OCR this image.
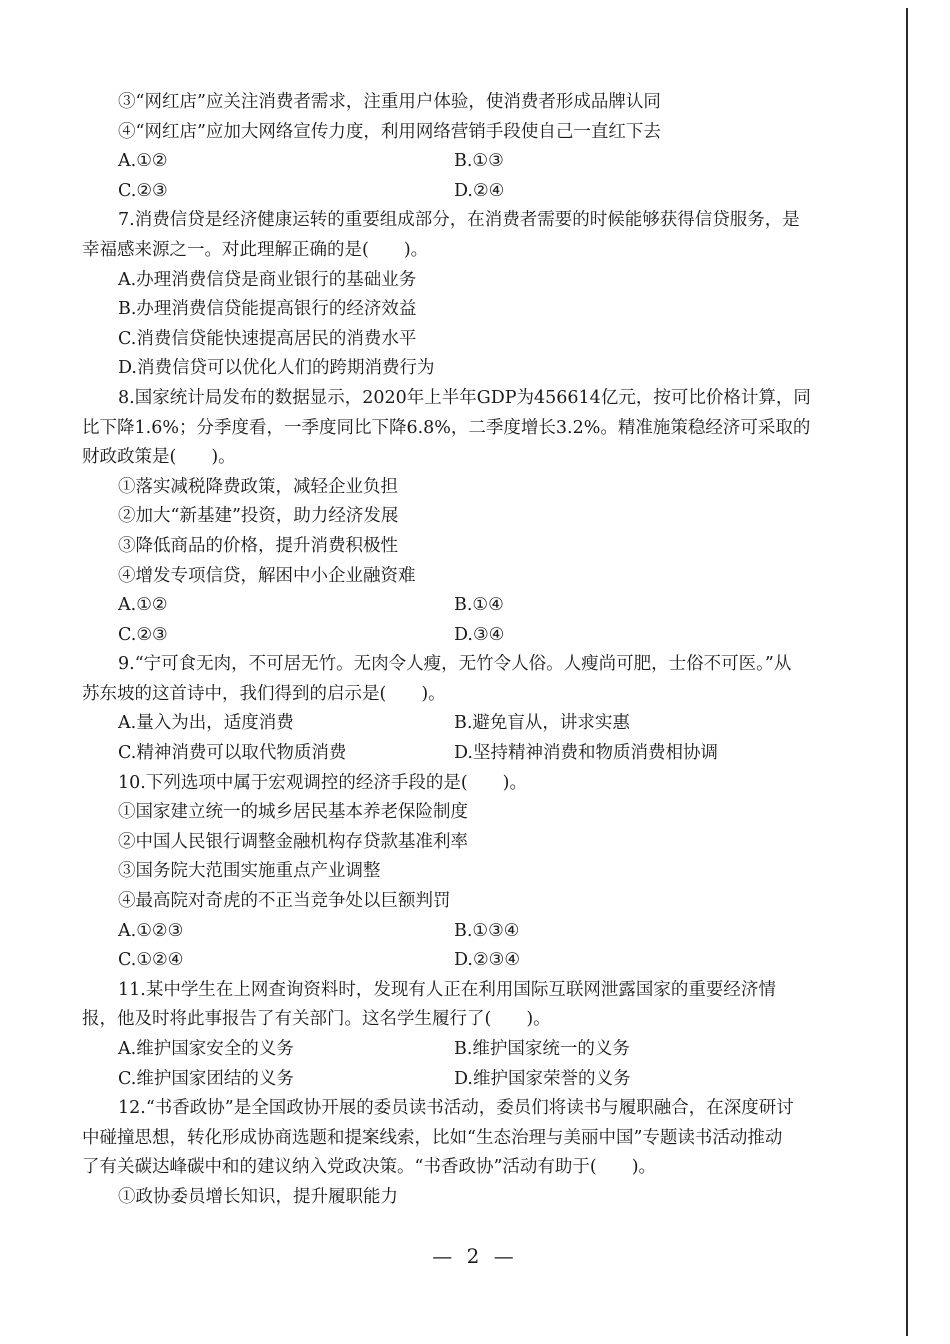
③“网红店”应关注消费者需求，注重用户体验，使消费者形成品牌认同
④“网红店”应加大网络宣传力度，利用网络营销手段使自己一直红下去
A.①②	B.①③
C.②③	D.②④
7.消费信贷是经济健康运转的重要组成部分，在消费者需要的时候能够获得信贷服务，是
幸福感来源之一。对此理解正确的是(　　)。
A.办理消费信贷是商业银行的基础业务
B.办理消费信贷能提高银行的经济效益
C.消费信贷能快速提高居民的消费水平
D.消费信贷可以优化人们的跨期消费行为
8.国家统计局发布的数据显示，2020年上半年GDP为456614亿元，按可比价格计算，同
比下降1.6%；分季度看，一季度同比下降6.8%，二季度增长3.2%。精准施策稳经济可采取的
财政政策是(　　)。
①落实减税降费政策，减轻企业负担
②加大“新基建”投资，助力经济发展
③降低商品的价格，提升消费积极性
④增发专项信贷，解困中小企业融资难
A.①②	B.①④
C.②③	D.③④
9.“宁可食无肉，不可居无竹。无肉令人瘦，无竹令人俗。人瘦尚可肥，士俗不可医。”从
苏东坡的这首诗中，我们得到的启示是(　　)。
A.量入为出，适度消费	B.避免盲从，讲求实惠
C.精神消费可以取代物质消费	D.坚持精神消费和物质消费相协调
10.下列选项中属于宏观调控的经济手段的是(　　)。
①国家建立统一的城乡居民基本养老保险制度
②中国人民银行调整金融机构存贷款基准利率
③国务院大范围实施重点产业调整
④最高院对奇虎的不正当竞争处以巨额判罚
A.①②③	B.①③④
C.①②④	D.②③④
11.某中学生在上网查询资料时，发现有人正在利用国际互联网泄露国家的重要经济情
报，他及时将此事报告了有关部门。这名学生履行了(　　)。
A.维护国家安全的义务	B.维护国家统一的义务
C.维护国家团结的义务	D.维护国家荣誉的义务
12.“书香政协”是全国政协开展的委员读书活动，委员们将读书与履职融合，在深度研讨
中碰撞思想，转化形成协商选题和提案线索，比如“生态治理与美丽中国”专题读书活动推动
了有关碳达峰碳中和的建议纳入党政决策。“书香政协”活动有助于(　　)。
①政协委员增长知识，提升履职能力
— 2 —
